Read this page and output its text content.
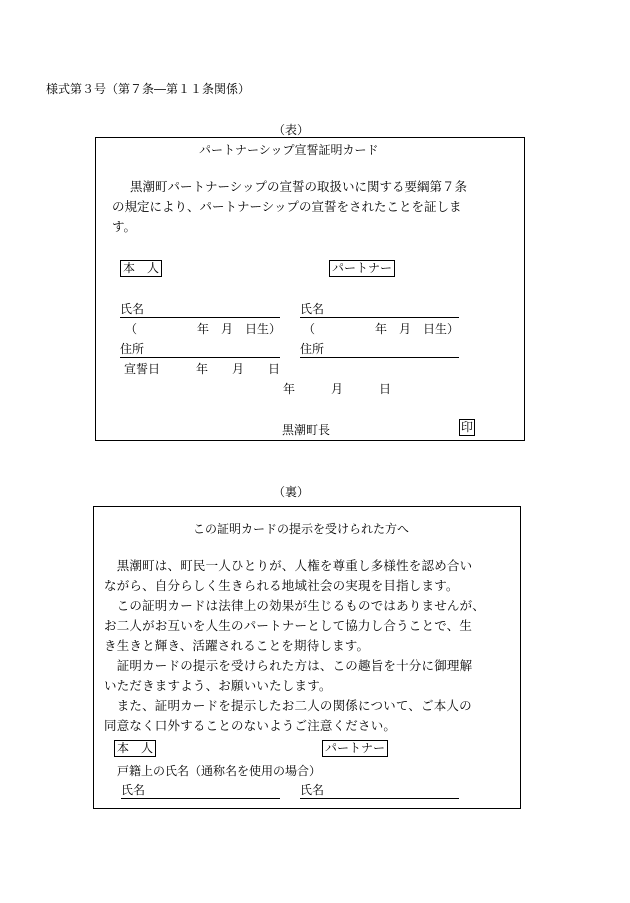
様式第３号（第７条―第１１条関係）
（表）
パートナーシップ宣誓証明カード
黒潮町パートナーシップの宣誓の取扱いに関する要綱第７条
の規定により、パートナーシップの宣誓をされたことを証しま
す。
本　人	パートナー
氏名	氏名
（　　　　　年　月　日生） （　　　　　年　月　日生）
住所	住所
宣誓日　　　年　　月　　日
年　　　月　　　日
黒潮町長	印
（裏）
この証明カードの提示を受けられた方へ
　黒潮町は、町民一人ひとりが、人権を尊重し多様性を認め合い
ながら、自分らしく生きられる地域社会の実現を目指します。
　この証明カードは法律上の効果が生じるものではありませんが、
お二人がお互いを人生のパートナーとして協力し合うことで、生
き生きと輝き、活躍されることを期待します。
　証明カードの提示を受けられた方は、この趣旨を十分に御理解
いただきますよう、お願いいたします。
　また、証明カードを提示したお二人の関係について、ご本人の
同意なく口外することのないようご注意ください。
本　人	パートナー
戸籍上の氏名（通称名を使用の場合）
氏名	氏名
